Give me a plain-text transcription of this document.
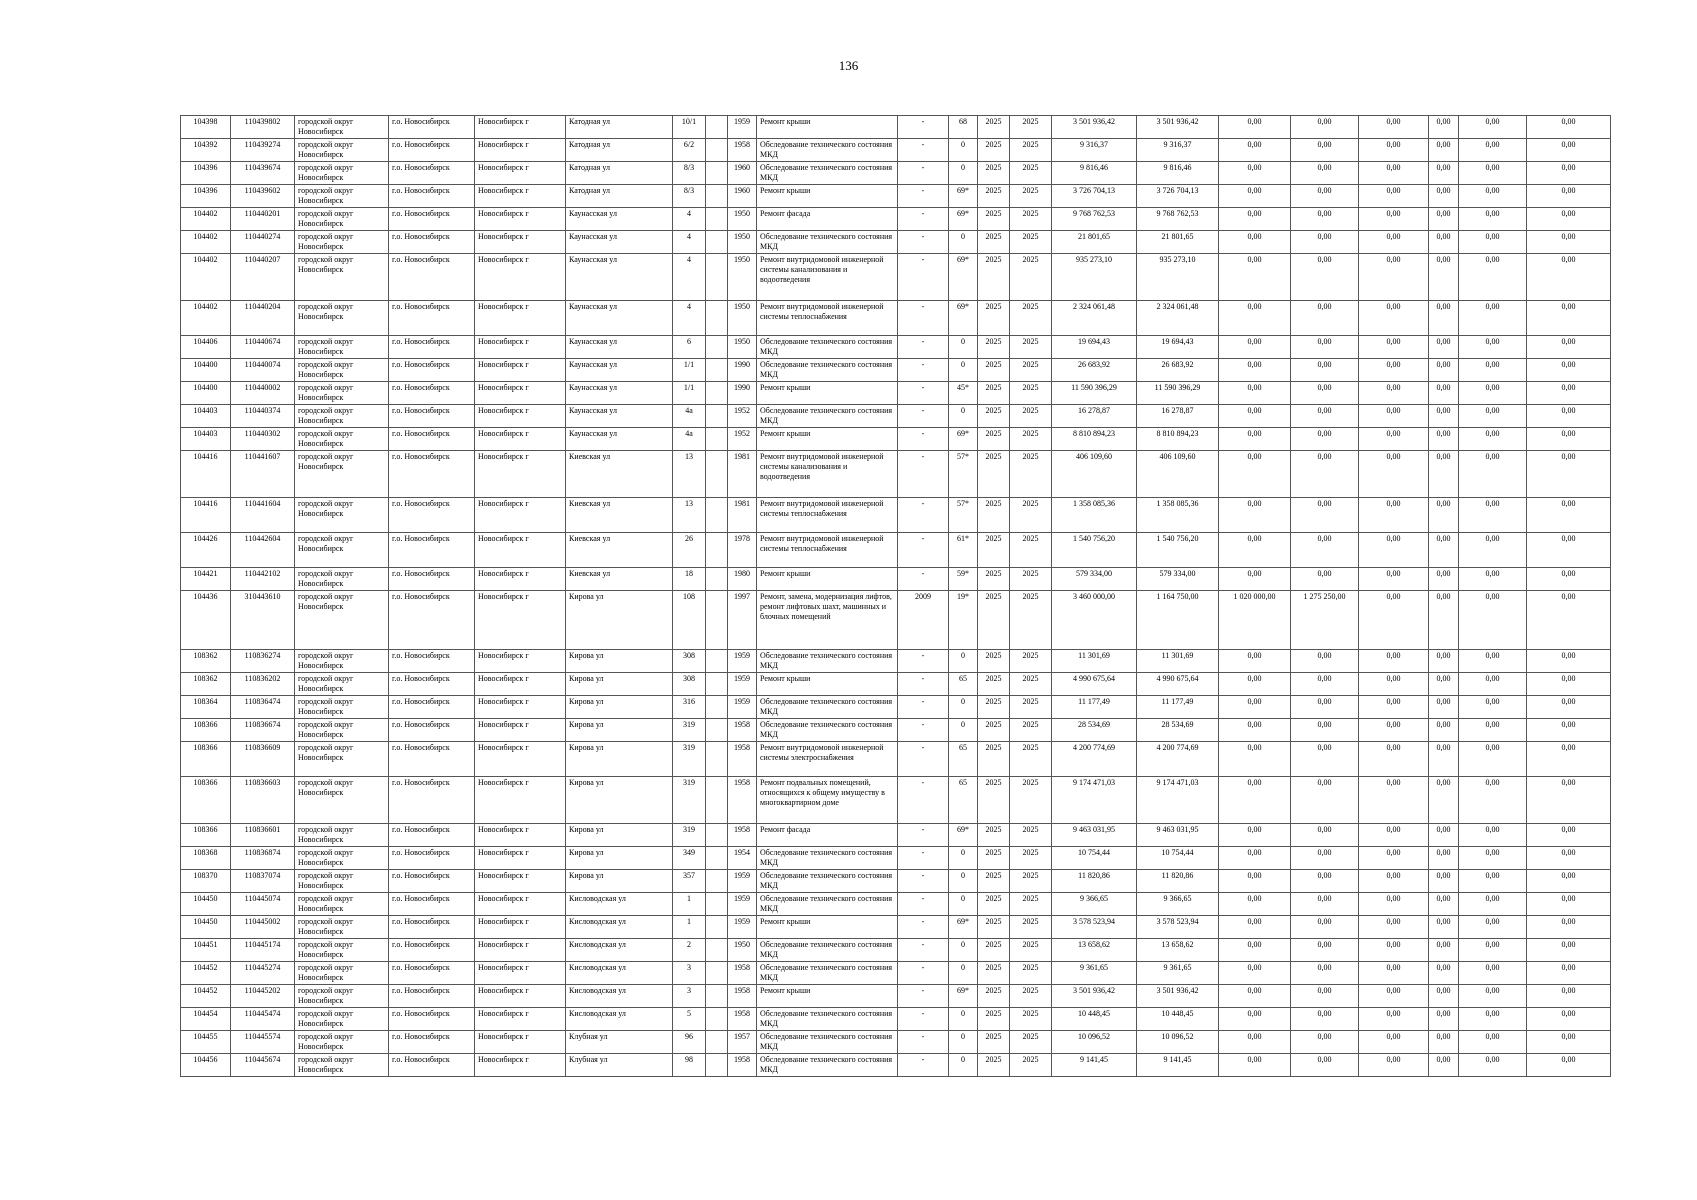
136
104398	110439802	городской округ Новосибирск	г.о. Новосибирск	Новосибирск г	Катодная ул	10/1		1959	Ремонт крыши	-	68	2025	2025	3 501 936,42	3 501 936,42	0,00	0,00	0,00	0,00	0,00	0,00
104392	110439274	городской округ Новосибирск	г.о. Новосибирск	Новосибирск г	Катодная ул	6/2		1958	Обследование технического состояния МКД	-	0	2025	2025	9 316,37	9 316,37	0,00	0,00	0,00	0,00	0,00	0,00
104396	110439674	городской округ Новосибирск	г.о. Новосибирск	Новосибирск г	Катодная ул	8/3		1960	Обследование технического состояния МКД	-	0	2025	2025	9 816,46	9 816,46	0,00	0,00	0,00	0,00	0,00	0,00
104396	110439602	городской округ Новосибирск	г.о. Новосибирск	Новосибирск г	Катодная ул	8/3		1960	Ремонт крыши	-	69*	2025	2025	3 726 704,13	3 726 704,13	0,00	0,00	0,00	0,00	0,00	0,00
104402	110440201	городской округ Новосибирск	г.о. Новосибирск	Новосибирск г	Каунасская ул	4		1950	Ремонт фасада	-	69*	2025	2025	9 768 762,53	9 768 762,53	0,00	0,00	0,00	0,00	0,00	0,00
104402	110440274	городской округ Новосибирск	г.о. Новосибирск	Новосибирск г	Каунасская ул	4		1950	Обследование технического состояния МКД	-	0	2025	2025	21 801,65	21 801,65	0,00	0,00	0,00	0,00	0,00	0,00
104402	110440207	городской округ Новосибирск	г.о. Новосибирск	Новосибирск г	Каунасская ул	4		1950	Ремонт внутридомовой инженерной системы канализования и водоотведения	-	69*	2025	2025	935 273,10	935 273,10	0,00	0,00	0,00	0,00	0,00	0,00
104402	110440204	городской округ Новосибирск	г.о. Новосибирск	Новосибирск г	Каунасская ул	4		1950	Ремонт внутридомовой инженерной системы теплоснабжения	-	69*	2025	2025	2 324 061,48	2 324 061,48	0,00	0,00	0,00	0,00	0,00	0,00
104406	110440674	городской округ Новосибирск	г.о. Новосибирск	Новосибирск г	Каунасская ул	6		1950	Обследование технического состояния МКД	-	0	2025	2025	19 694,43	19 694,43	0,00	0,00	0,00	0,00	0,00	0,00
104400	110440074	городской округ Новосибирск	г.о. Новосибирск	Новосибирск г	Каунасская ул	1/1		1990	Обследование технического состояния МКД	-	0	2025	2025	26 683,92	26 683,92	0,00	0,00	0,00	0,00	0,00	0,00
104400	110440002	городской округ Новосибирск	г.о. Новосибирск	Новосибирск г	Каунасская ул	1/1		1990	Ремонт крыши	-	45*	2025	2025	11 590 396,29	11 590 396,29	0,00	0,00	0,00	0,00	0,00	0,00
104403	110440374	городской округ Новосибирск	г.о. Новосибирск	Новосибирск г	Каунасская ул	4а		1952	Обследование технического состояния МКД	-	0	2025	2025	16 278,87	16 278,87	0,00	0,00	0,00	0,00	0,00	0,00
104403	110440302	городской округ Новосибирск	г.о. Новосибирск	Новосибирск г	Каунасская ул	4а		1952	Ремонт крыши	-	69*	2025	2025	8 810 894,23	8 810 894,23	0,00	0,00	0,00	0,00	0,00	0,00
104416	110441607	городской округ Новосибирск	г.о. Новосибирск	Новосибирск г	Киевская ул	13		1981	Ремонт внутридомовой инженерной системы канализования и водоотведения	-	57*	2025	2025	406 109,60	406 109,60	0,00	0,00	0,00	0,00	0,00	0,00
104416	110441604	городской округ Новосибирск	г.о. Новосибирск	Новосибирск г	Киевская ул	13		1981	Ремонт внутридомовой инженерной системы теплоснабжения	-	57*	2025	2025	1 358 085,36	1 358 085,36	0,00	0,00	0,00	0,00	0,00	0,00
104426	110442604	городской округ Новосибирск	г.о. Новосибирск	Новосибирск г	Киевская ул	26		1978	Ремонт внутридомовой инженерной системы теплоснабжения	-	61*	2025	2025	1 540 756,20	1 540 756,20	0,00	0,00	0,00	0,00	0,00	0,00
104421	110442102	городской округ Новосибирск	г.о. Новосибирск	Новосибирск г	Киевская ул	18		1980	Ремонт крыши	-	59*	2025	2025	579 334,00	579 334,00	0,00	0,00	0,00	0,00	0,00	0,00
104436	310443610	городской округ Новосибирск	г.о. Новосибирск	Новосибирск г	Кирова ул	108		1997	Ремонт, замена, модернизация лифтов, ремонт лифтовых шахт, машинных и блочных помещений	2009	19*	2025	2025	3 460 000,00	1 164 750,00	1 020 000,00	1 275 250,00	0,00	0,00	0,00	0,00
108362	110836274	городской округ Новосибирск	г.о. Новосибирск	Новосибирск г	Кирова ул	308		1959	Обследование технического состояния МКД	-	0	2025	2025	11 301,69	11 301,69	0,00	0,00	0,00	0,00	0,00	0,00
108362	110836202	городской округ Новосибирск	г.о. Новосибирск	Новосибирск г	Кирова ул	308		1959	Ремонт крыши	-	65	2025	2025	4 990 675,64	4 990 675,64	0,00	0,00	0,00	0,00	0,00	0,00
108364	110836474	городской округ Новосибирск	г.о. Новосибирск	Новосибирск г	Кирова ул	316		1959	Обследование технического состояния МКД	-	0	2025	2025	11 177,49	11 177,49	0,00	0,00	0,00	0,00	0,00	0,00
108366	110836674	городской округ Новосибирск	г.о. Новосибирск	Новосибирск г	Кирова ул	319		1958	Обследование технического состояния МКД	-	0	2025	2025	28 534,69	28 534,69	0,00	0,00	0,00	0,00	0,00	0,00
108366	110836609	городской округ Новосибирск	г.о. Новосибирск	Новосибирск г	Кирова ул	319		1958	Ремонт внутридомовой инженерной системы электроснабжения	-	65	2025	2025	4 200 774,69	4 200 774,69	0,00	0,00	0,00	0,00	0,00	0,00
108366	110836603	городской округ Новосибирск	г.о. Новосибирск	Новосибирск г	Кирова ул	319		1958	Ремонт подвальных помещений, относящихся к общему имуществу в многоквартирном доме	-	65	2025	2025	9 174 471,03	9 174 471,03	0,00	0,00	0,00	0,00	0,00	0,00
108366	110836601	городской округ Новосибирск	г.о. Новосибирск	Новосибирск г	Кирова ул	319		1958	Ремонт фасада	-	69*	2025	2025	9 463 031,95	9 463 031,95	0,00	0,00	0,00	0,00	0,00	0,00
108368	110836874	городской округ Новосибирск	г.о. Новосибирск	Новосибирск г	Кирова ул	349		1954	Обследование технического состояния МКД	-	0	2025	2025	10 754,44	10 754,44	0,00	0,00	0,00	0,00	0,00	0,00
108370	110837074	городской округ Новосибирск	г.о. Новосибирск	Новосибирск г	Кирова ул	357		1959	Обследование технического состояния МКД	-	0	2025	2025	11 820,86	11 820,86	0,00	0,00	0,00	0,00	0,00	0,00
104450	110445074	городской округ Новосибирск	г.о. Новосибирск	Новосибирск г	Кисловодская ул	1		1959	Обследование технического состояния МКД	-	0	2025	2025	9 366,65	9 366,65	0,00	0,00	0,00	0,00	0,00	0,00
104450	110445002	городской округ Новосибирск	г.о. Новосибирск	Новосибирск г	Кисловодская ул	1		1959	Ремонт крыши	-	69*	2025	2025	3 578 523,94	3 578 523,94	0,00	0,00	0,00	0,00	0,00	0,00
104451	110445174	городской округ Новосибирск	г.о. Новосибирск	Новосибирск г	Кисловодская ул	2		1950	Обследование технического состояния МКД	-	0	2025	2025	13 658,62	13 658,62	0,00	0,00	0,00	0,00	0,00	0,00
104452	110445274	городской округ Новосибирск	г.о. Новосибирск	Новосибирск г	Кисловодская ул	3		1958	Обследование технического состояния МКД	-	0	2025	2025	9 361,65	9 361,65	0,00	0,00	0,00	0,00	0,00	0,00
104452	110445202	городской округ Новосибирск	г.о. Новосибирск	Новосибирск г	Кисловодская ул	3		1958	Ремонт крыши	-	69*	2025	2025	3 501 936,42	3 501 936,42	0,00	0,00	0,00	0,00	0,00	0,00
104454	110445474	городской округ Новосибирск	г.о. Новосибирск	Новосибирск г	Кисловодская ул	5		1958	Обследование технического состояния МКД	-	0	2025	2025	10 448,45	10 448,45	0,00	0,00	0,00	0,00	0,00	0,00
104455	110445574	городской округ Новосибирск	г.о. Новосибирск	Новосибирск г	Клубная ул	96		1957	Обследование технического состояния МКД	-	0	2025	2025	10 096,52	10 096,52	0,00	0,00	0,00	0,00	0,00	0,00
104456	110445674	городской округ Новосибирск	г.о. Новосибирск	Новосибирск г	Клубная ул	98		1958	Обследование технического состояния МКД	-	0	2025	2025	9 141,45	9 141,45	0,00	0,00	0,00	0,00	0,00	0,00
